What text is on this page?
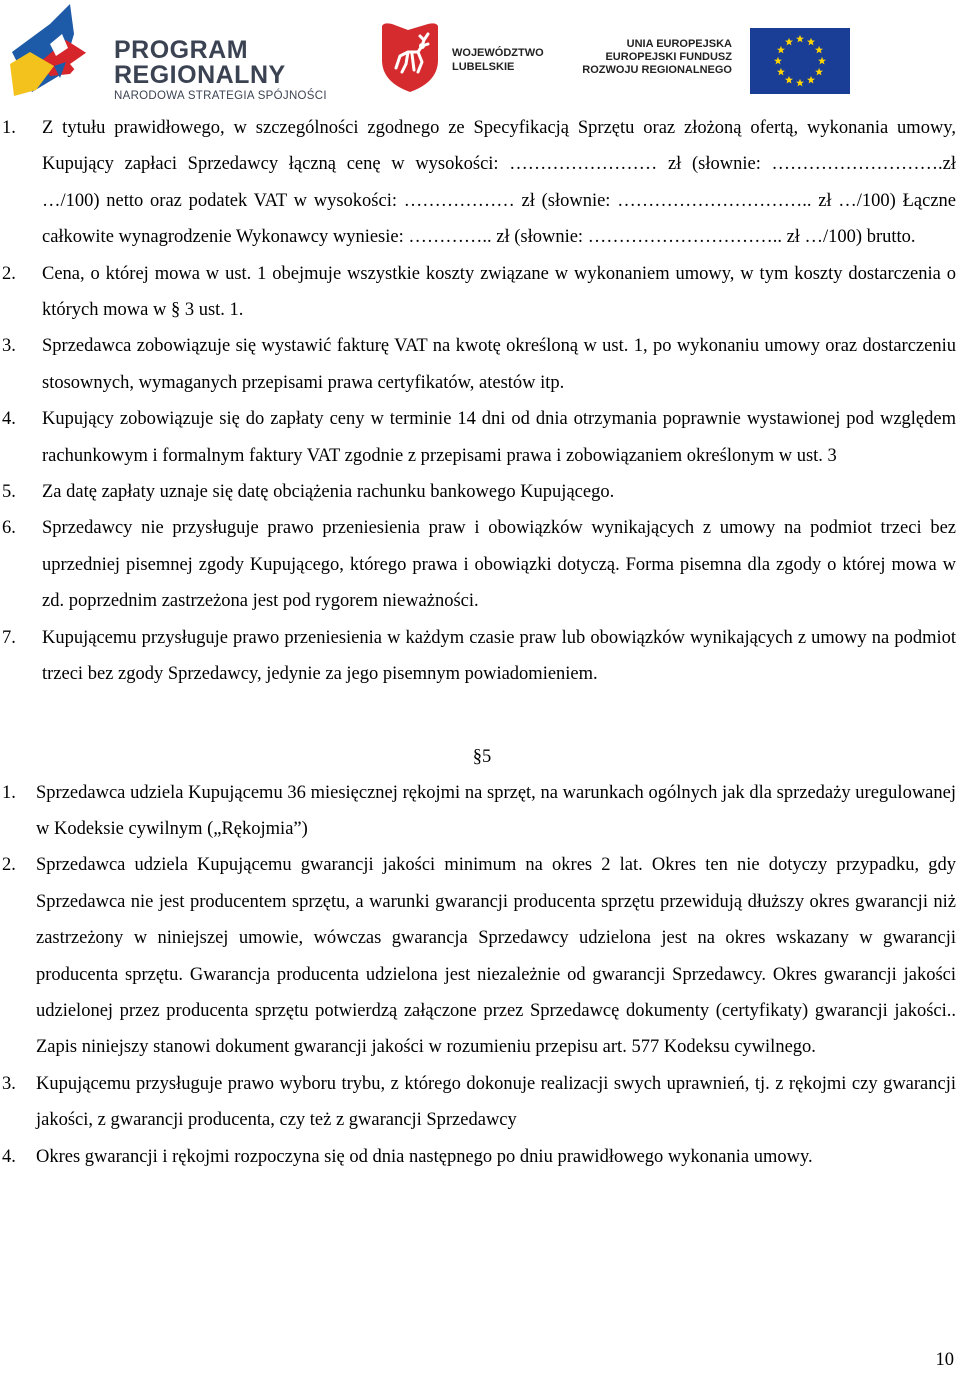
PROGRAM
REGIONALNY
NARODOWA STRATEGIA SPÓJNOŚCI
WOJEWÓDZTWO
LUBELSKIE
UNIA EUROPEJSKA
EUROPEJSKI FUNDUSZ
ROZWOJU REGIONALNEGO
1. Z tytułu prawidłowego, w szczególności zgodnego ze Specyfikacją Sprzętu oraz złożoną ofertą, wykonania umowy, Kupujący zapłaci Sprzedawcy łączną cenę w wysokości: …………………… zł (słownie: ……………………….zł …/100) netto oraz podatek VAT w wysokości: ……………… zł (słownie: ………………………….. zł …/100) Łączne całkowite wynagrodzenie Wykonawcy wyniesie: ………….. zł (słownie: ………………………….. zł …/100) brutto.
2. Cena, o której mowa w ust. 1 obejmuje wszystkie koszty związane w wykonaniem umowy, w tym koszty dostarczenia o których mowa w § 3 ust. 1.
3. Sprzedawca zobowiązuje się wystawić fakturę VAT na kwotę określoną w ust. 1, po wykonaniu umowy oraz dostarczeniu stosownych, wymaganych przepisami prawa certyfikatów, atestów itp.
4. Kupujący zobowiązuje się do zapłaty ceny w terminie 14 dni od dnia otrzymania poprawnie wystawionej pod względem rachunkowym i formalnym faktury VAT zgodnie z przepisami prawa i zobowiązaniem określonym w ust. 3
5. Za datę zapłaty uznaje się datę obciążenia rachunku bankowego Kupującego.
6. Sprzedawcy nie przysługuje prawo przeniesienia praw i obowiązków wynikających z umowy na podmiot trzeci bez uprzedniej pisemnej zgody Kupującego, którego prawa i obowiązki dotyczą. Forma pisemna dla zgody o której mowa w zd. poprzednim zastrzeżona jest pod rygorem nieważności.
7. Kupującemu przysługuje prawo przeniesienia w każdym czasie praw lub obowiązków wynikających z umowy na podmiot trzeci bez zgody Sprzedawcy, jedynie za jego pisemnym powiadomieniem.
§5
1. Sprzedawca udziela Kupującemu 36 miesięcznej rękojmi na sprzęt, na warunkach ogólnych jak dla sprzedaży uregulowanej w Kodeksie cywilnym („Rękojmia”)
2. Sprzedawca udziela Kupującemu gwarancji jakości minimum na okres 2 lat. Okres ten nie dotyczy przypadku, gdy Sprzedawca nie jest producentem sprzętu, a warunki gwarancji producenta sprzętu przewidują dłuższy okres gwarancji niż zastrzeżony w niniejszej umowie, wówczas gwarancja Sprzedawcy udzielona jest na okres wskazany w gwarancji producenta sprzętu. Gwarancja producenta udzielona jest niezależnie od gwarancji Sprzedawcy. Okres gwarancji jakości udzielonej przez producenta sprzętu potwierdzą załączone przez Sprzedawcę dokumenty (certyfikaty) gwarancji jakości.. Zapis niniejszy stanowi dokument gwarancji jakości w rozumieniu przepisu art. 577 Kodeksu cywilnego.
3. Kupującemu przysługuje prawo wyboru trybu, z którego dokonuje realizacji swych uprawnień, tj. z rękojmi czy gwarancji jakości, z gwarancji producenta, czy też z gwarancji Sprzedawcy
4. Okres gwarancji i rękojmi rozpoczyna się od dnia następnego po dniu prawidłowego wykonania umowy.
10
